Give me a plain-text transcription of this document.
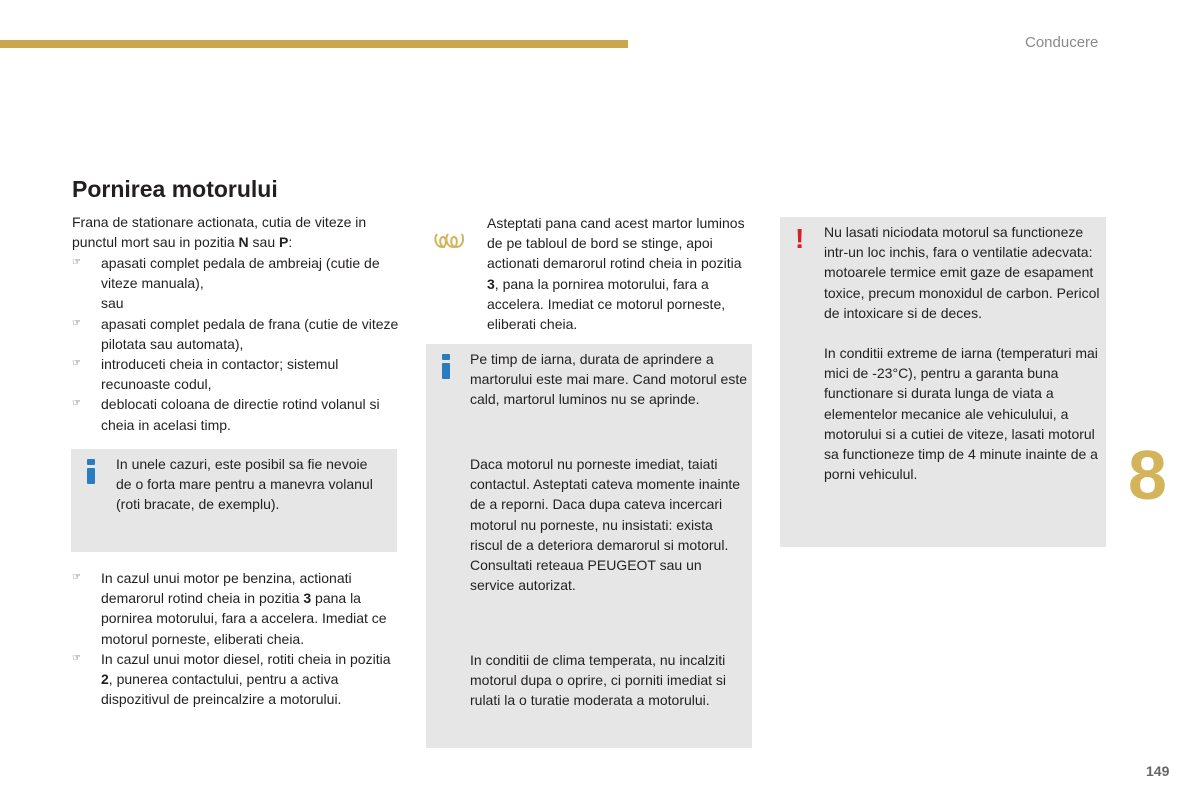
Conducere
8
149
Pornirea motorului

Frana de stationare actionata, cutia de viteze in punctul mort sau in pozitia N sau P:

☞ apasati complet pedala de ambreiaj (cutie de viteze manuala),
sau
☞ apasati complet pedala de frana (cutie de viteze pilotata sau automata),
☞ introduceti cheia in contactor; sistemul recunoaste codul,
☞ deblocati coloana de directie rotind volanul si cheia in acelasi timp.

In unele cazuri, este posibil sa fie nevoie de o forta mare pentru a manevra volanul (roti bracate, de exemplu).

☞ In cazul unui motor pe benzina, actionati demarorul rotind cheia in pozitia 3 pana la pornirea motorului, fara a accelera. Imediat ce motorul porneste, eliberati cheia.
☞ In cazul unui motor diesel, rotiti cheia in pozitia 2, punerea contactului, pentru a activa dispozitivul de preincalzire a motorului.

Asteptati pana cand acest martor luminos de pe tabloul de bord se stinge, apoi actionati demarorul rotind cheia in pozitia 3, pana la pornirea motorului, fara a accelera. Imediat ce motorul porneste, eliberati cheia.

Pe timp de iarna, durata de aprindere a martorului este mai mare. Cand motorul este cald, martorul luminos nu se aprinde.

Daca motorul nu porneste imediat, taiati contactul. Asteptati cateva momente inainte de a reporni. Daca dupa cateva incercari motorul nu porneste, nu insistati: exista riscul de a deteriora demarorul si motorul. Consultati reteaua PEUGEOT sau un service autorizat.

In conditii de clima temperata, nu incalziti motorul dupa o oprire, ci porniti imediat si rulati la o turatie moderata a motorului.

! Nu lasati niciodata motorul sa functioneze intr-un loc inchis, fara o ventilatie adecvata: motoarele termice emit gaze de esapament toxice, precum monoxidul de carbon. Pericol de intoxicare si de deces.

In conditii extreme de iarna (temperaturi mai mici de -23°C), pentru a garanta buna functionare si durata lunga de viata a elementelor mecanice ale vehiculului, a motorului si a cutiei de viteze, lasati motorul sa functioneze timp de 4 minute inainte de a porni vehiculul.
